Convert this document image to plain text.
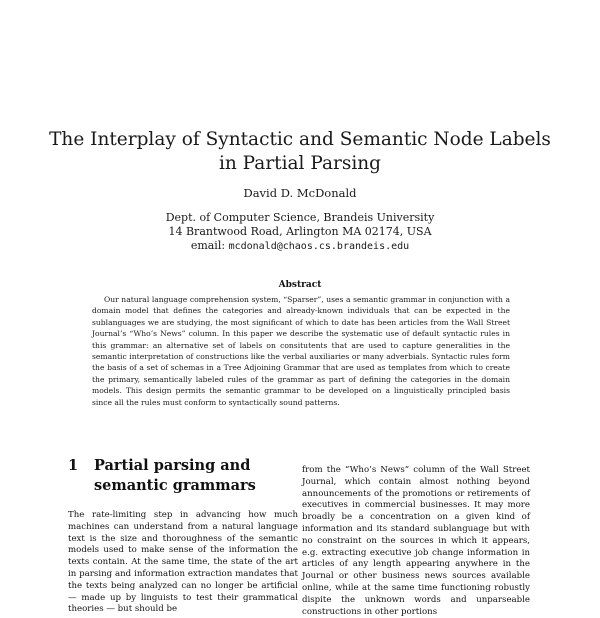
The Interplay of Syntactic and Semantic Node Labels in Partial Parsing
David D. McDonald
Dept. of Computer Science, Brandeis University
14 Brantwood Road, Arlington MA 02174, USA
email: mcdonald@chaos.cs.brandeis.edu
Abstract
Our natural language comprehension system, “Sparser”, uses a semantic grammar in conjunction with a domain model that defines the categories and already-known individuals that can be expected in the sublanguages we are studying, the most significant of which to date has been articles from the Wall Street Journal’s “Who’s News” column. In this paper we describe the systematic use of default syntactic rules in this grammar: an alternative set of labels on consitutents that are used to capture generalities in the semantic interpretation of constructions like the verbal auxiliaries or many adverbials. Syntactic rules form the basis of a set of schemas in a Tree Adjoining Grammar that are used as templates from which to create the primary, semantically labeled rules of the grammar as part of defining the categories in the domain models. This design permits the semantic grammar to be developed on a linguistically principled basis since all the rules must conform to syntactically sound patterns.
1	Partial parsing and semantic grammars
The rate-limiting step in advancing how much machines can understand from a natural language text is the size and thoroughness of the semantic models used to make sense of the information the texts contain. At the same time, the state of the art in parsing and information extraction mandates that the texts being analyzed can no longer be artificial — made up by linguists to test their grammatical theories — but should be
from the “Who’s News” column of the Wall Street Journal, which contain almost nothing beyond announcements of the promotions or retirements of executives in commercial businesses. It may more broadly be a concentration on a given kind of information and its standard sublanguage but with no constraint on the sources in which it appears, e.g. extracting executive job change information in articles of any length appearing anywhere in the Journal or other business news sources available online, while at the same time functioning robustly dispite the unknown words and unparseable constructions in other portions
